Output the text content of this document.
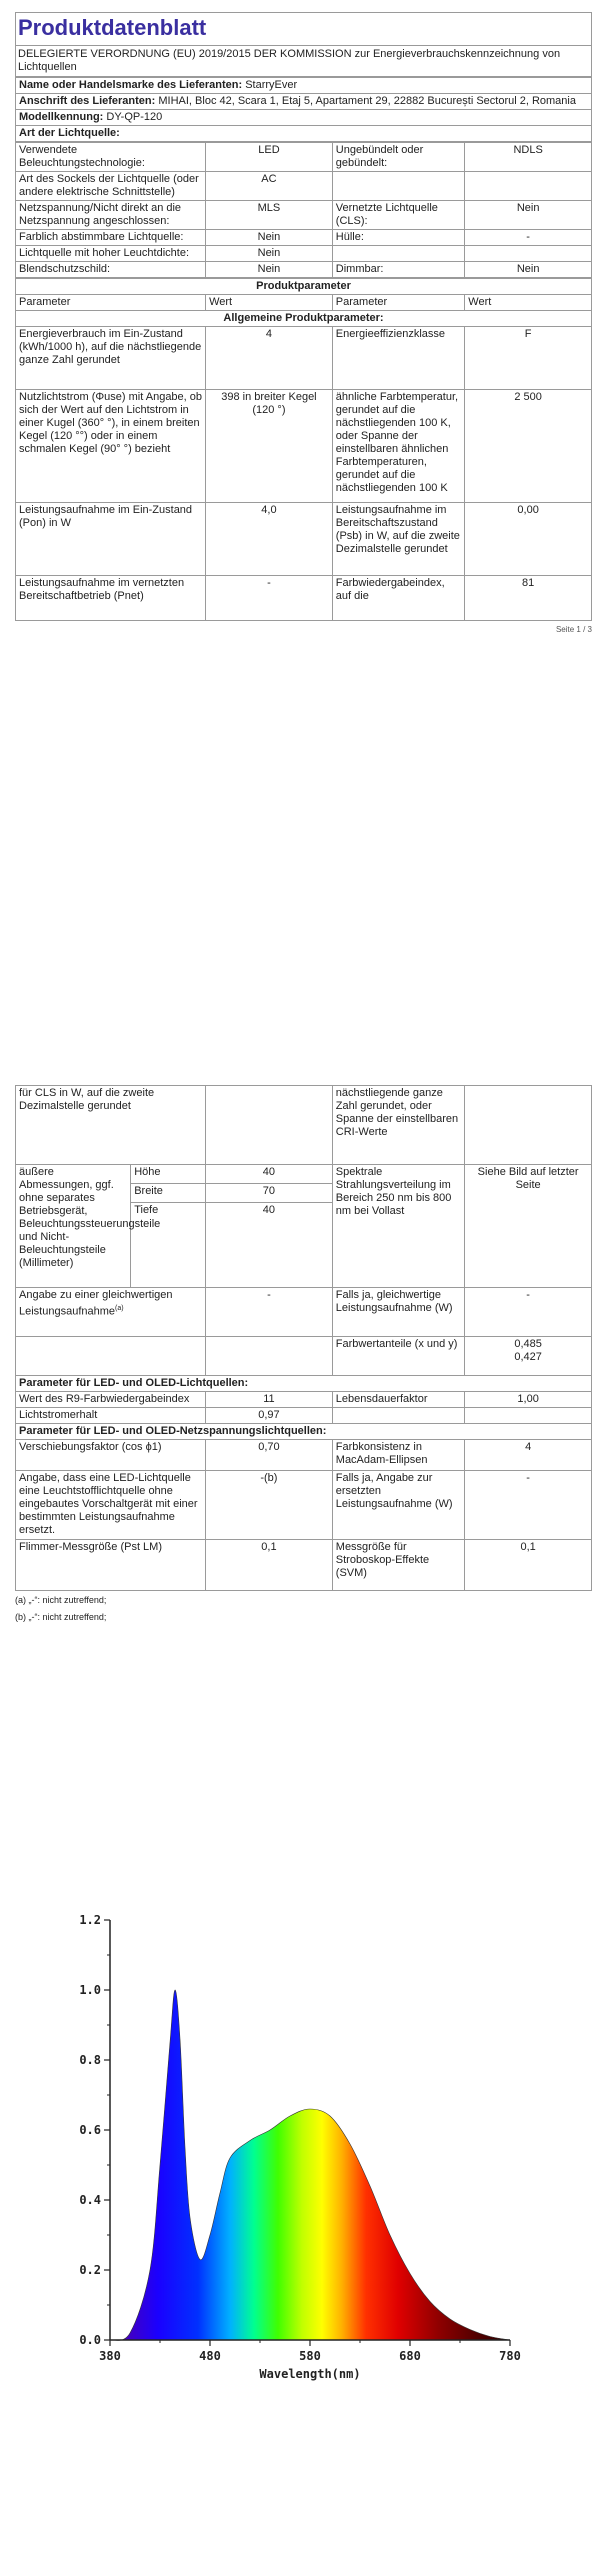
Produktdatenblatt
DELEGIERTE VERORDNUNG (EU) 2019/2015 DER KOMMISSION zur Energieverbrauchskennzeichnung von Lichtquellen
Name oder Handelsmarke des Lieferanten: StarryEver
Anschrift des Lieferanten: MIHAI, Bloc 42, Scara 1, Etaj 5, Apartament 29, 22882 București Sectorul 2, Romania
Modellkennung: DY-QP-120
Art der Lichtquelle:
Verwendete Beleuchtungstechnologie:	LED	Ungebündelt oder gebündelt:	NDLS
Art des Sockels der Lichtquelle (oder andere elektrische Schnittstelle)	AC		
Netzspannung/Nicht direkt an die Netzspannung angeschlossen:	MLS	Vernetzte Lichtquelle (CLS):	Nein
Farblich abstimmbare Lichtquelle:	Nein	Hülle:	-
Lichtquelle mit hoher Leuchtdichte:	Nein		
Blendschutzschild:	Nein	Dimmbar:	Nein
Produktparameter			
Parameter	Wert	Parameter	Wert
Allgemeine Produktparameter:			
Energieverbrauch im Ein-Zustand (kWh/1000 h), auf die nächstliegende ganze Zahl gerundet	4	Energieeffizienzklasse	F
Nutzlichtstrom (Φuse) mit Angabe, ob sich der Wert auf den Lichtstrom in einer Kugel (360° °), in einem breiten Kegel (120 °°) oder in einem schmalen Kegel (90° °) bezieht	398 in breiter Kegel (120 °)	ähnliche Farbtemperatur, gerundet auf die nächstliegenden 100 K, oder Spanne der einstellbaren ähnlichen Farbtemperaturen, gerundet auf die nächstliegenden 100 K	2 500
Leistungsaufnahme im Ein-Zustand (Pon) in W	4,0	Leistungsaufnahme im Bereitschaftszustand (Psb) in W, auf die zweite Dezimalstelle gerundet	0,00
Leistungsaufnahme im vernetzten Bereitschaftbetrieb (Pnet)	-	Farbwiedergabeindex, auf die	81
Seite 1 / 3
für CLS in W, auf die zweite Dezimalstelle gerundet			nächstliegende ganze Zahl gerundet, oder Spanne der einstellbaren CRI-Werte	
äußere Abmessungen, ggf. ohne separates Betriebsgerät, Beleuchtungssteuerungsteile und Nicht-Beleuchtungsteile (Millimeter)	Höhe	40	Spektrale Strahlungsverteilung im Bereich 250 nm bis 800 nm bei Vollast	Siehe Bild auf letzter Seite
	Breite	70		
	Tiefe	40		
Angabe zu einer gleichwertigen Leistungsaufnahme$^{(a)}$		-	Falls ja, gleichwertige Leistungsaufnahme (W)	-
			Farbwertanteile (x und y)	0,485
0,427

Parameter für LED- und OLED-Lichtquellen:				
Wert des R9-Farbwiedergabeindex		11	Lebensdauerfaktor	1,00
Lichtstromerhalt		0,97		
Parameter für LED- und OLED-Netzspannungslichtquellen:				
Verschiebungsfaktor (cos ϕ1)		0,70	Farbkonsistenz in MacAdam-Ellipsen	4
Angabe, dass eine LED-Lichtquelle eine Leuchtstofflichtquelle ohne eingebautes Vorschaltgerät mit einer bestimmten Leistungsaufnahme ersetzt.		-(b)	Falls ja, Angabe zur ersetzten Leistungsaufnahme (W)	-
Flimmer-Messgröße (Pst LM)		0,1	Messgröße für Stroboskop-Effekte (SVM)	0,1
(a) „-“: nicht zutreffend;
(b) „-“: nicht zutreffend;
0.0
0.2
0.4
0.6
0.8
1.0
1.2
380	480	580	680	780
Wavelength(nm)
